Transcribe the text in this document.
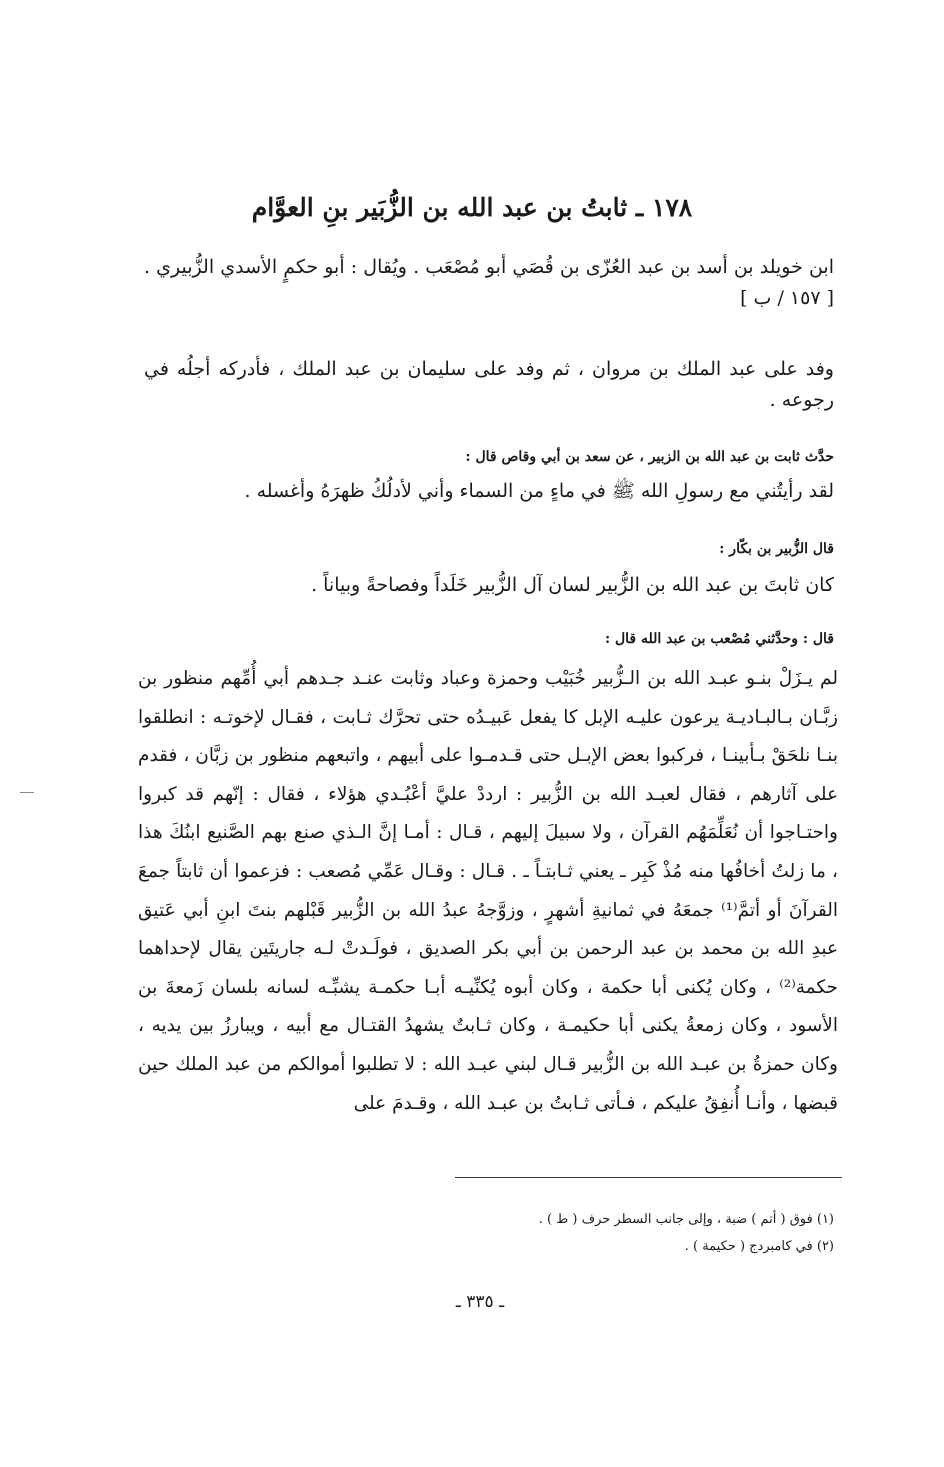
١٧٨ ـ ثابتُ بن عبد الله بن الزُّبَير بنِ العوَّام
ابن خويلد بن أسد بن عبد العُزّى بن قُصَي أبو مُصْعَب . ويُقال : أبو حكمٍ الأسدي الزُّبيري . [ ١٥٧ / ب ]
وفد على عبد الملك بن مروان ، ثم وفد على سليمان بن عبد الملك ، فأدركه أجلُه في رجوعه .
حدَّث ثابت بن عبد الله بن الزبير ، عن سعد بن أبي وقاص قال :
لقد رأيتُني مع رسولِ الله ﷺ في ماءٍ من السماء وأني لأدلُكُ ظهرَهُ وأغسله .
قال الزُّبير بن بكّار :
كان ثابتَ بن عبد الله بن الزُّبير لسان آل الزُّبير خَلَداً وفصاحةً وبياناً .
قال : وحدَّثني مُصْعب بن عبد الله قال :
لم يـزَلْ بنـو عبـد الله بن الـزُّبير خُبَيْب وحمزة وعباد وثابت عنـد جـدهم أبي أُمِّهم منظور بن زبَّـان بـالبـاديـة يرعون عليـه الإبل كا يفعل عَبيـدُه حتى تحرَّك ثـابت ، فقـال لإخوتـه : انطلقوا بنـا نلحَقْ بـأبينـا ، فركبوا بعض الإبـل حتى قـدمـوا على أبيهم ، واتبعهم منظور بن زبَّان ، فقدم على آثارهم ، فقال لعبـد الله بن الزُّبير : ارددْ عليَّ أعْبُـدي هؤلاء ، فقال : إنّهم قد كبروا واحتـاجوا أن نُعَلِّمَهُم القرآن ، ولا سبيلَ إليهم ، قـال : أمـا إنَّ الـذي صنع بهم الصَّنيع ابنُكَ هذا ، ما زلتُ أخافُها منه مُذْ كَبِر ـ يعني ثـابتـاً ـ . قـال : وقـال عَمِّي مُصعب : فزعموا أن ثابتاً جمعَ القرآنَ أو أتمَّ⁽¹⁾ جمعَهُ في ثمانيةِ أشهرٍ ، وزوَّجهُ عبدُ الله بن الزُّبير قَبْلهم بنتَ ابنِ أبي عَتيق عبدِ الله بن محمد بن عبد الرحمن بن أبي بكر الصديق ، فولَـدتْ لـه جاريتَين يقال لإحداهما حكمة⁽²⁾ ، وكان يُكنى أبا حكمة ، وكان أبوه يُكنِّيـه أبـا حكمـة يشبِّـه لسانه بلسان زَمعةَ بن الأسود ، وكان زمعةُ يكنى أبا حكيمـة ، وكان ثـابتٌ يشهدُ القتـال مع أبيه ، ويبارزُ بين يديه ، وكان حمزةُ بن عبـد الله بن الزُّبير قـال لبني عبـد الله : لا تطلبوا أموالكم من عبد الملك حين قبضها ، وأنـا أُنفِقُ عليكم ، فـأتى ثـابتُ بن عبـد الله ، وقـدمَ على
(١) فوق ( أتم ) ضبة ، وإلى جانب السطر حرف ( ط ) .
(٢) في كامبردج ( حكيمة ) .
ـ ٣٣٥ ـ
